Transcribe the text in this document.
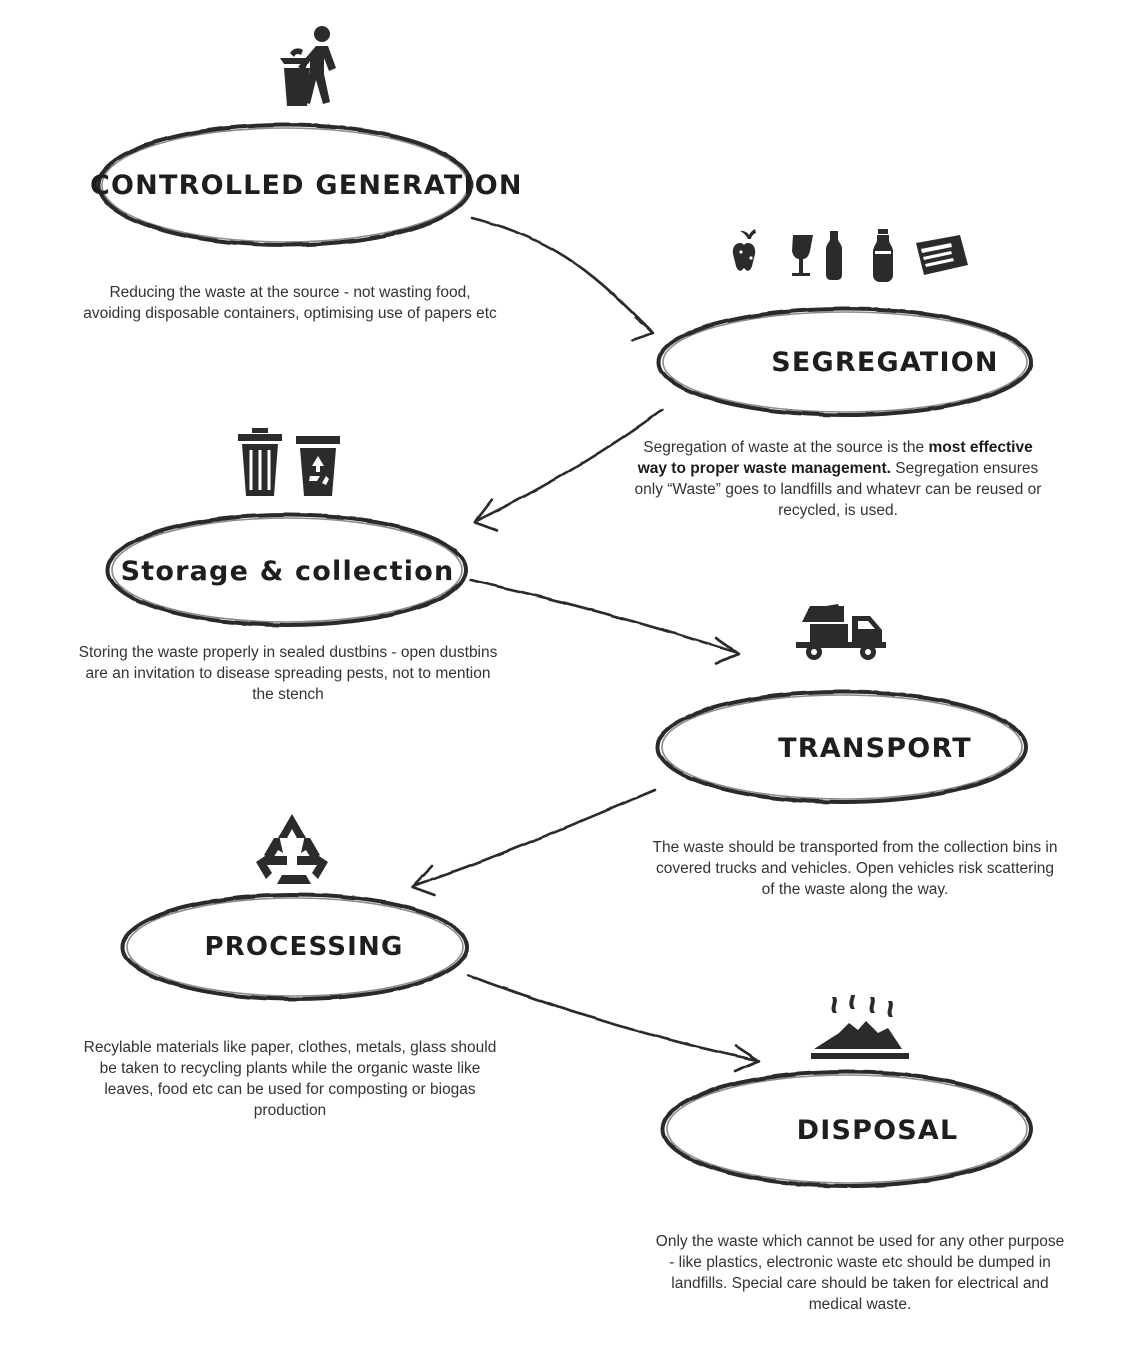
CONTROLLED GENERATION
Reducing the waste at the source - not wasting food, avoiding disposable containers, optimising use of papers etc
SEGREGATION
Segregation of waste at the source is the most effective way to proper waste management. Segregation ensures only “Waste” goes to landfills and whatevr can be reused or recycled, is used.
Storage & collection
Storing the waste properly in sealed dustbins - open dustbins are an invitation to disease spreading pests, not to mention the stench
TRANSPORT
The waste should be transported from the collection bins in covered trucks and vehicles. Open vehicles risk scattering of the waste along the way.
PROCESSING
Recylable materials like paper, clothes, metals, glass should be taken to recycling plants while the organic waste like leaves, food etc can be used for composting or biogas production
DISPOSAL
Only the waste which cannot be used for any other purpose - like plastics, electronic waste etc should be dumped in landfills. Special care should be taken for electrical and medical waste.
